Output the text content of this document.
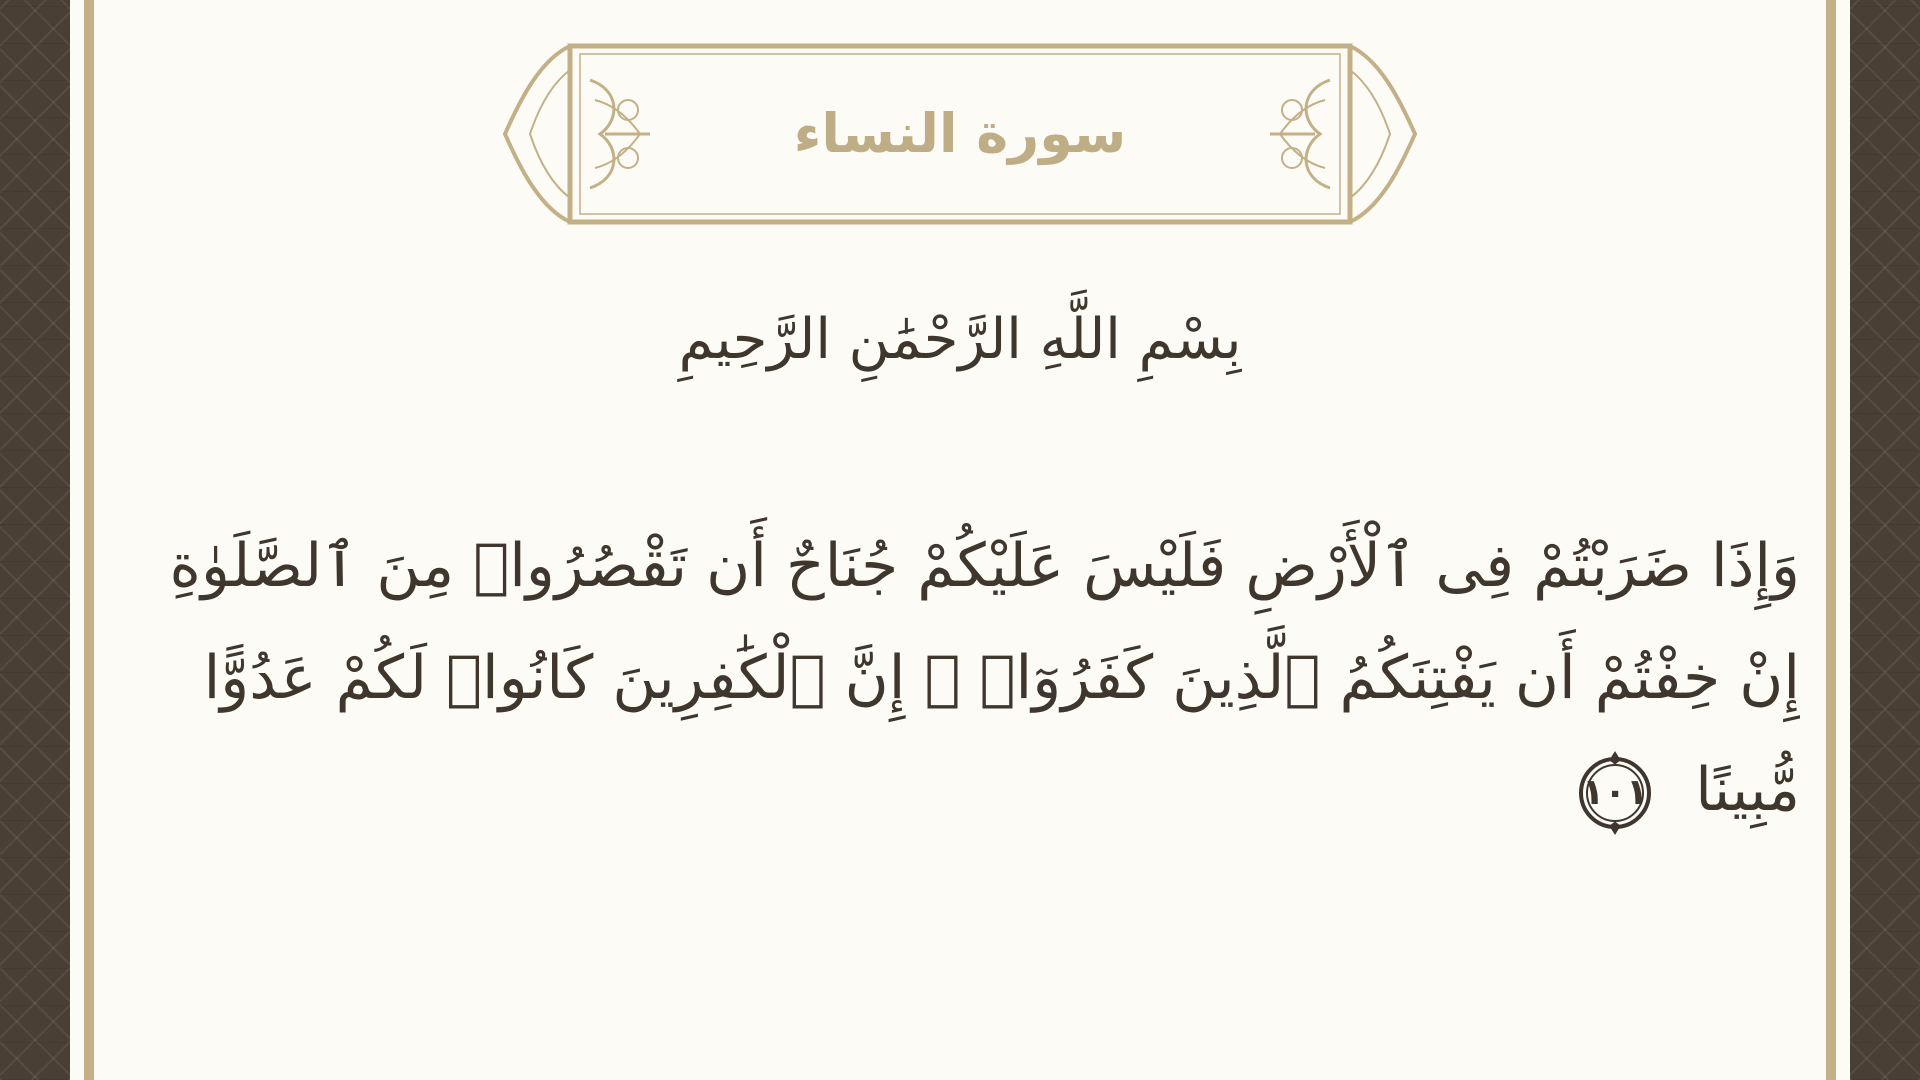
سورة النساء
بِسْمِ اللَّهِ الرَّحْمَٰنِ الرَّحِيمِ
وَإِذَا ضَرَبْتُمْ فِى ٱلْأَرْضِ فَلَيْسَ عَلَيْكُمْ جُنَاحٌ أَن تَقْصُرُوا۟ مِنَ ٱلصَّلَوٰةِ
إِنْ خِفْتُمْ أَن يَفْتِنَكُمُ ٱلَّذِينَ كَفَرُوٓا۟ ۚ إِنَّ ٱلْكَٰفِرِينَ كَانُوا۟ لَكُمْ عَدُوًّا
مُّبِينًا
١٠١
